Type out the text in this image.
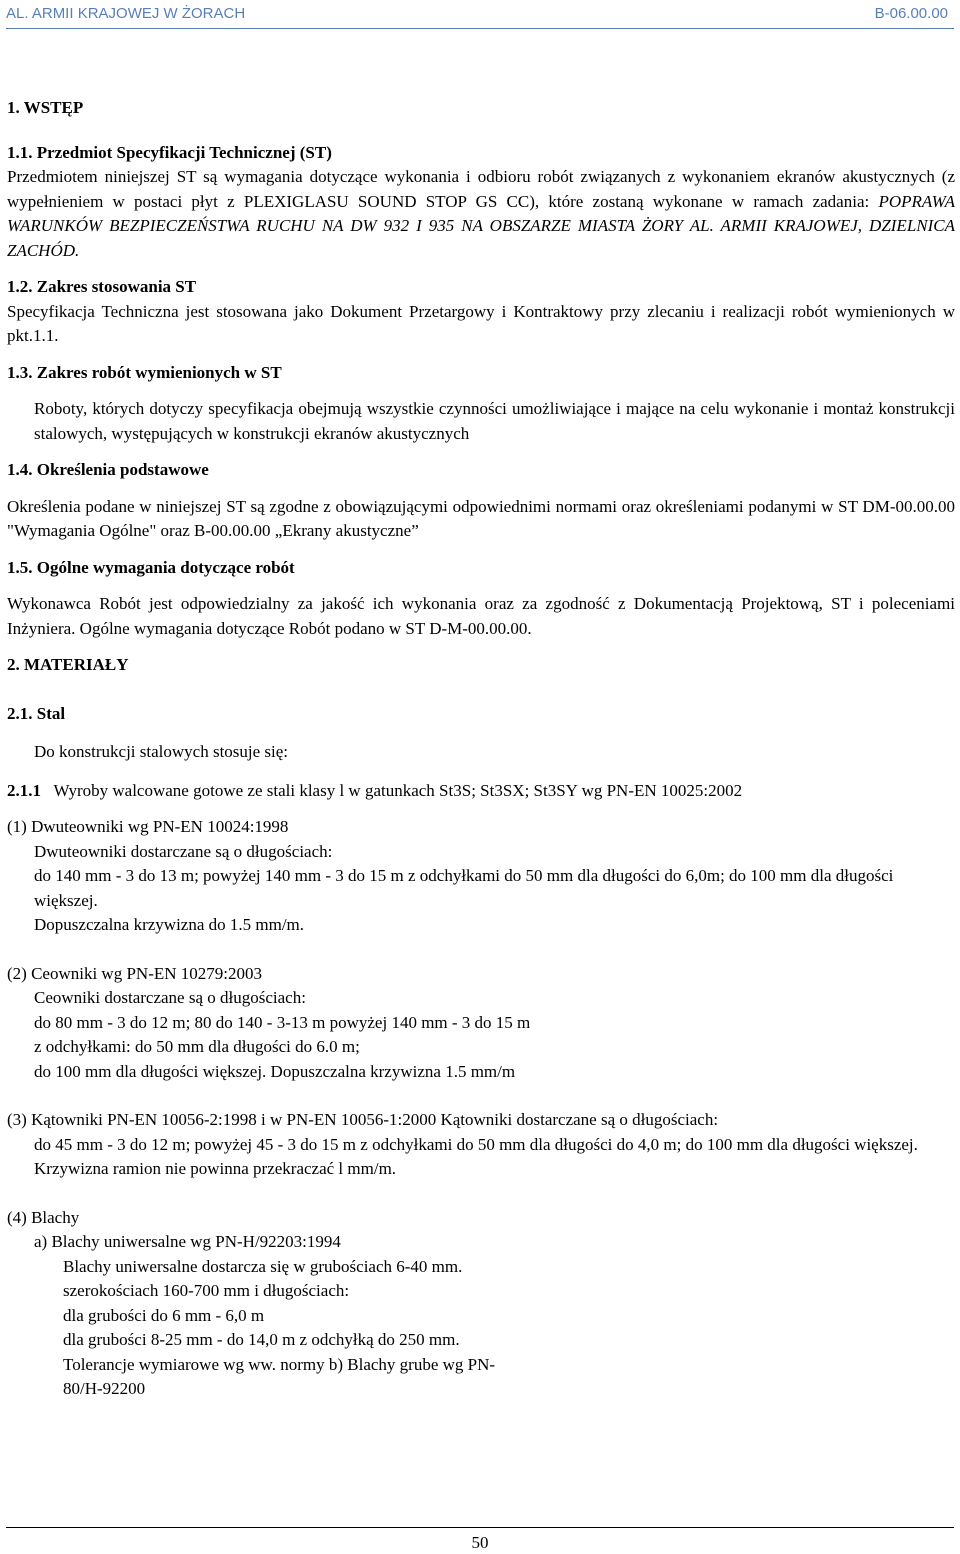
AL. ARMII KRAJOWEJ W ŻORACH	B-06.00.00

1. WSTĘP

1.1. Przedmiot Specyfikacji Technicznej (ST)

Przedmiotem niniejszej ST są wymagania dotyczące wykonania i odbioru robót związanych z wykonaniem ekranów akustycznych (z wypełnieniem w postaci płyt z PLEXIGLASU SOUND STOP GS CC), które zostaną wykonane w ramach zadania: POPRAWA WARUNKÓW BEZPIECZEŃSTWA RUCHU NA DW 932 I 935 NA OBSZARZE MIASTA ŻORY AL. ARMII KRAJOWEJ, DZIELNICA ZACHÓD.

1.2. Zakres stosowania ST

Specyfikacja Techniczna jest stosowana jako Dokument Przetargowy i Kontraktowy przy zlecaniu i realizacji robót wymienionych w pkt.1.1.

1.3. Zakres robót wymienionych w ST

Roboty, których dotyczy specyfikacja obejmują wszystkie czynności umożliwiające i mające na celu wykonanie i montaż konstrukcji stalowych, występujących w konstrukcji ekranów akustycznych

1.4. Określenia podstawowe

Określenia podane w niniejszej ST są zgodne z obowiązującymi odpowiednimi normami oraz określeniami podanymi w ST DM-00.00.00 "Wymagania Ogólne" oraz B-00.00.00 „Ekrany akustyczne”

1.5. Ogólne wymagania dotyczące robót

Wykonawca Robót jest odpowiedzialny za jakość ich wykonania oraz za zgodność z Dokumentacją Projektową, ST i poleceniami Inżyniera. Ogólne wymagania dotyczące Robót podano w ST D-M-00.00.00.

2. MATERIAŁY

2.1. Stal

Do konstrukcji stalowych stosuje się:

2.1.1 Wyroby walcowane gotowe ze stali klasy l w gatunkach St3S; St3SX; St3SY wg PN-EN 10025:2002

(1) Dwuteowniki wg PN-EN 10024:1998

Dwuteowniki dostarczane są o długościach:

do 140 mm - 3 do 13 m; powyżej 140 mm - 3 do 15 m z odchyłkami do 50 mm dla długości do 6,0m; do 100 mm dla długości większej.

Dopuszczalna krzywizna do 1.5 mm/m.

(2) Ceowniki wg PN-EN 10279:2003

Ceowniki dostarczane są o długościach:

do 80 mm - 3 do 12 m; 80 do 140 - 3-13 m powyżej 140 mm - 3 do 15 m

z odchyłkami: do 50 mm dla długości do 6.0 m;

do 100 mm dla długości większej. Dopuszczalna krzywizna 1.5 mm/m

(3) Kątowniki PN-EN 10056-2:1998 i w PN-EN 10056-1:2000 Kątowniki dostarczane są o długościach:

do 45 mm - 3 do 12 m; powyżej 45 - 3 do 15 m z odchyłkami do 50 mm dla długości do 4,0 m; do 100 mm dla długości większej. Krzywizna ramion nie powinna przekraczać l mm/m.

(4) Blachy

a) Blachy uniwersalne wg PN-H/92203:1994

Blachy uniwersalne dostarcza się w grubościach 6-40 mm.

szerokościach 160-700 mm i długościach:

dla grubości do 6 mm - 6,0 m

dla grubości 8-25 mm - do 14,0 m z odchyłką do 250 mm.

Tolerancje wymiarowe wg ww. normy b) Blachy grube wg PN-

80/H-92200

50
